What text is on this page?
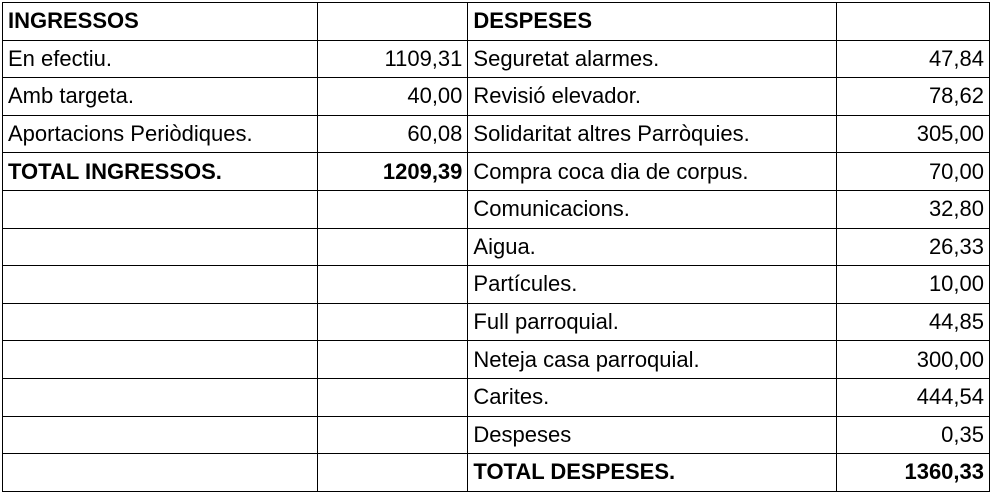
INGRESSOS		DESPESES	
En efectiu.	1109,31	Seguretat alarmes.	47,84
Amb targeta.	40,00	Revisió elevador.	78,62
Aportacions Periòdiques.	60,08	Solidaritat altres Parròquies.	305,00
TOTAL INGRESSOS.	1209,39	Compra coca dia de corpus.	70,00
		Comunicacions.	32,80
		Aigua.	26,33
		Partícules.	10,00
		Full parroquial.	44,85
		Neteja casa parroquial.	300,00
		Carites.	444,54
		Despeses	0,35
		TOTAL DESPESES.	1360,33
